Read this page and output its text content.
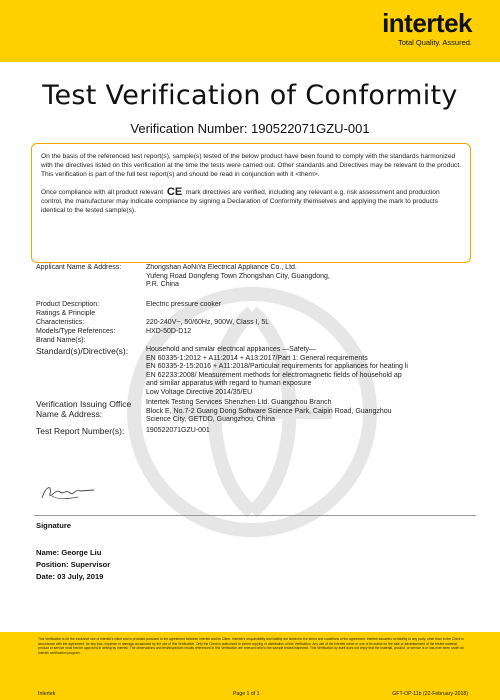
intertek
Total Quality. Assured.
Test Verification of Conformity
Verification Number: 190522071GZU-001

On the basis of the referenced test report(s), sample(s) tested of the below product have been found to comply with the standards harmonized with the directives listed on this verification at the time the tests were carried out. Other standards and Directives may be relevant to the product. This verification is part of the full test report(s) and should be read in conjunction with it <them>.

Once compliance with all product relevant CE mark directives are verified, including any relevant e.g. risk assessment and production control, the manufacturer may indicate compliance by signing a Declaration of Conformity themselves and applying the mark to products identical to the tested sample(s).

Applicant Name & Address:	Zhongshan AoNiYa Electrical Appliance Co., Ltd.
Yufeng Road Dongfeng Town Zhongshan City, Guangdong,
P.R. China
Product Description:	Electric pressure cooker
Ratings & Principle
Characteristics:	220-240V~, 50/60Hz, 900W, Class I, 5L
Models/Type References:	HXD-50D-D12
Brand Name(s):
Standard(s)/Directive(s):	Household and similar electrical appliances —Safety—
EN 60335-1:2012 + A11:2014 + A13:2017/Part 1: General requirements
EN 60335-2-15:2016 + A11:2018/Particular requirements for appliances for heating li
EN 62233:2008/ Measurement methods for electromagnetic fields of household ap
and similar apparatus with regard to human exposure
Low Voltage Directive 2014/35/EU
Verification Issuing Office
Name & Address:
Intertek Testing Services Shenzhen Ltd. Guangzhou Branch
Block E, No.7-2 Guang Dong Software Science Park, Caipin Road, Guangzhou
Science City, GETDD, Guangzhou, China
Test Report Number(s):	190522071GZU-001
Signature
Name: George Liu
Position: Supervisor
Date: 03 July, 2019
This Verification is for the exclusive use of Intertek's client and is provided pursuant to the agreement between Intertek and its Client. Intertek's responsibility and liability are limited to the terms and conditions of the agreement. Intertek assumes no liability to any party, other than to the Client in accordance with the agreement, for any loss, expense or damage occasioned by the use of this Verification. Only the Client is authorized to permit copying or distribution of this Verification. Any use of the Intertek name or one of its marks for the sale or advertisement of the tested material, product or service must first be approved in writing by Intertek. The observations and test/inspection results referenced in this Verification are relevant only to the sample tested/inspected. This Verification by itself does not imply that the material, product, or service is or has ever been under an Intertek certification program.
Intertek	Page 1 of 1	GFT-OP-11b (22-February-2018)
